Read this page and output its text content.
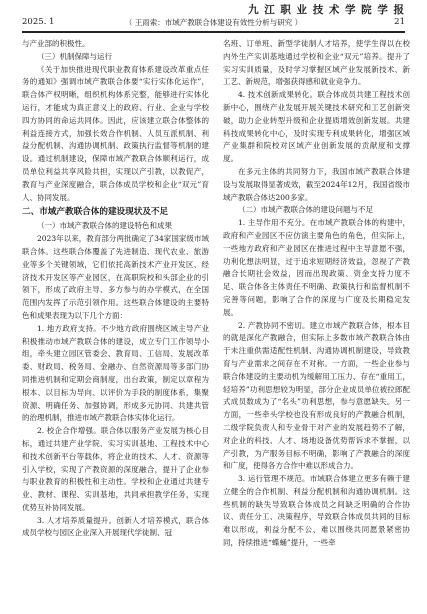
九 江 职 业 技 术 学 院 学 报
2025. 1	（ 王雨索：市域产教联合体建设有效性分析与研究 ）	21

与产业部的积极性。

（三）机制保障与运行

《关于加快推进现代职业教育体系建设改革重点任务的通知》强调市域产教联合体要“实行实体化运作”，联合体产权明晰，组织机构体系完整，能够进行实体化运行，才能成为真正意义上的政府、行业、企业与学校四方协同的命运共同体。因此，应该建立联合体整体的利益连接方式，加强长效合作机制、人员互派机制、利益分配机制、沟通协调机制、政策执行监督等机制的建设。通过机制建设，保障市域产教联合体顺利运行，成员单位利益共享风险共担，实现以产引教，以教促产，教育与产业深度融合，联合体成员学校和企业“双元”育人、协同发展。

二、市域产教联合体的建设现状及不足

（一）市域产教联合体的建设特色和成果

2023年以来，教育部分两批确定了34家国家级市域联合体。这些联合体覆盖了先进制造、现代农业、旅游业等多个关键领域，它们依托高新技术产业开发区、经济技术开发区等产业园区，在高职院校和头部企业的引领下，形成了政府主导、多方参与的办学模式，在全国范围内发挥了示范引领作用。这些联合体建设的主要特色和成果表现为以下几个方面：

1. 地方政府支持。不少地方政府围绕区域主导产业积极推动市域产教联合体的建设，成立专门工作领导小组，牵头建立园区管委会、教育局、工信局、发展改革委、财政局、税务局、金融办、自然资源局等多部门协同推进机制和定期会商制度，出台政策，制定以章程为根本、以目标为导向、以评价为手段的制度体系，集聚资源、明确任务、加强协调，形成多元协同、共建共管的治理机制，推进市域产教联合体实体化运行。

2. 校企合作增强。联合体以服务产业发展为核心目标，通过共建产业学院、实习实训基地、工程技术中心和技术创新平台等载体，将企业的技术、人才、资源等引入学校，实现了产教资源的深度融合，提升了企业参与职业教育的积极性和主动性。学校和企业通过共建专业、教材、课程、实训基地，共同承担教学任务，实现优势互补协同发展。

3. 人才培养质量提升。创新人才培养模式，联合体成员学校与园区企业深入开展现代学徒制、冠

名班、订单班、新型学徒制人才培养，使学生得以在校内外生产实训基地通过学校和企业“双元”培养。提升了实习实训质量，及时学习掌握区域产业发展新技术、新工艺、新规范，增强获得感和就业竞争力。

4. 技术创新成果转化。联合体成员共建工程技术创新中心，围绕产业发展开展关键技术研究和工艺创新突破，助力企业转型升级和企业提质增效创新发展。共建科技成果转化中心，及时实现专利成果转化，增强区域产业集群和院校对区域产业创新发展的贡献度和支撑度。

在多元主体的共同努力下，我国市域产教联合体建设与发展取得显著成效，截至2024年12月，我国省级市域产教联合体达200多家。

（二）市域产教联合体的建设问题与不足

1. 主导作用不充分。在市域产教联合体的构建中，政府和产业园区不应仿演主要角色的角色，但实际上，一些地方政府和产业园区在推进过程中主导意愿不强，功利化想法明显，过于追求短期经济效益，忽视了产教融合长期社会效益，因而出现政策、资金支持力度不足、联合体各主体责任不明确、政策执行和监督机制不完善等问题，影响了合作的深度与广度及长期稳定发展。

2. 产教协同不密切。建立市域产教联合体，根本目的就是深化产教融合，但实际上多数市域产教联合体由于未注重供需适配性机制、沟通协调机制建设，导致教育与产业需求之间存在不对称。一方面，一些企业参与联合体建设的主要动机为缓解用工压力、存在“重用工，轻培养”功利思想较为明显，部分企业成员单位被拉郎配式成员数成为了“名头”功利思想，参与意愿缺失。另一方面，一些牵头学校也没有形成良好的产教融合机制，二级学院负责人和专业骨干对产业的发展趋势不了解，对企业的科技、人才、场地设备优势帮诉求不掌握，以产引教，为产服务目标不明确，影响了产教融合的深度和广度，使得各方合作中难以形成合力。

3. 运行管理不规范。市域联合体建立更多有赖于建立健全的合作机制、利益分配机制和沟通协调机制。这些机制的缺失导致联合体成员之间缺乏明确的合作协议、责任分工、决策程序，导致联合体成员共同的目标难以形成，利益分配不公、难以围绕共同愿景紧密协同，持续推进“蝶蛹”提升，一些牵
